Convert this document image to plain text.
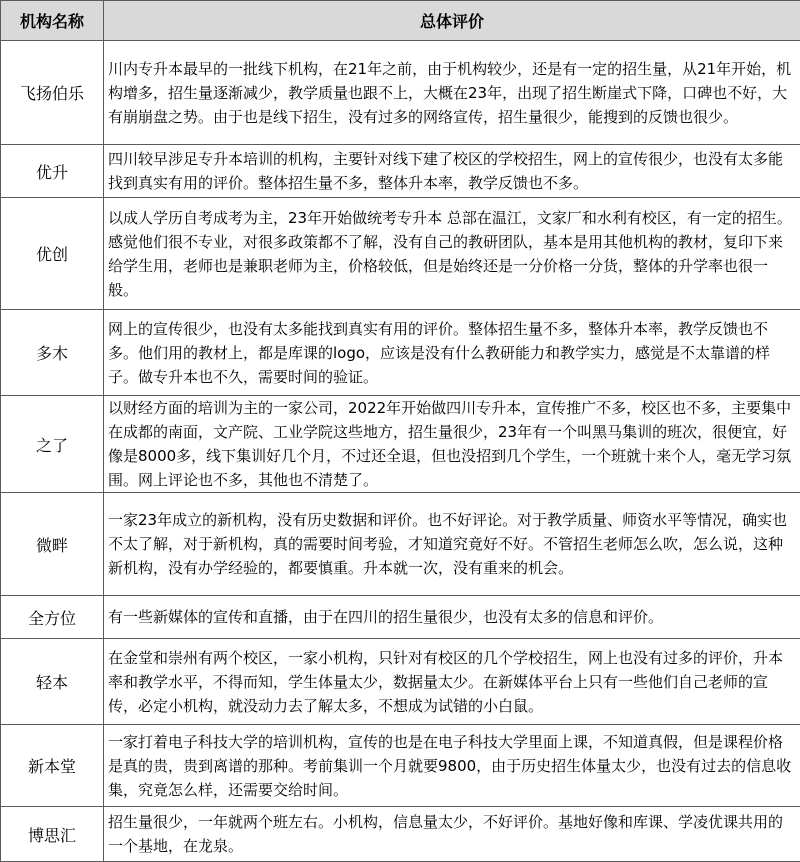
机构名称	总体评价
飞扬伯乐	川内专升本最早的一批线下机构，在21年之前，由于机构较少，还是有一定的招生量，从21年开始，机构增多，招生量逐渐减少，教学质量也跟不上，大概在23年，出现了招生断崖式下降，口碑也不好，大有崩崩盘之势。由于也是线下招生，没有过多的网络宣传，招生量很少，能搜到的反馈也很少。
优升	四川较早涉足专升本培训的机构，主要针对线下建了校区的学校招生，网上的宣传很少，也没有太多能找到真实有用的评价。整体招生量不多，整体升本率，教学反馈也不多。
优创	以成人学历自考成考为主，23年开始做统考专升本 总部在温江，文家厂和水利有校区，有一定的招生。感觉他们很不专业，对很多政策都不了解，没有自己的教研团队，基本是用其他机构的教材，复印下来给学生用，老师也是兼职老师为主，价格较低，但是始终还是一分价格一分货，整体的升学率也很一般。
多木	网上的宣传很少，也没有太多能找到真实有用的评价。整体招生量不多，整体升本率，教学反馈也不多。他们用的教材上，都是库课的logo，应该是没有什么教研能力和教学实力，感觉是不太靠谱的样子。做专升本也不久，需要时间的验证。
之了	以财经方面的培训为主的一家公司，2022年开始做四川专升本，宣传推广不多，校区也不多，主要集中在成都的南面，文产院、工业学院这些地方，招生量很少，23年有一个叫黑马集训的班次，很便宜，好像是8000多，线下集训好几个月，不过还全退，但也没招到几个学生，一个班就十来个人，毫无学习氛围。网上评论也不多，其他也不清楚了。
微畔	一家23年成立的新机构，没有历史数据和评价。也不好评论。对于教学质量、师资水平等情况，确实也不太了解，对于新机构，真的需要时间考验，才知道究竟好不好。不管招生老师怎么吹，怎么说，这种新机构，没有办学经验的，都要慎重。升本就一次，没有重来的机会。
全方位	有一些新媒体的宣传和直播，由于在四川的招生量很少，也没有太多的信息和评价。
轻本	在金堂和崇州有两个校区，一家小机构，只针对有校区的几个学校招生，网上也没有过多的评价，升本率和教学水平，不得而知，学生体量太少，数据量太少。在新媒体平台上只有一些他们自己老师的宣传，必定小机构，就没动力去了解太多，不想成为试错的小白鼠。
新本堂	一家打着电子科技大学的培训机构，宣传的也是在电子科技大学里面上课，不知道真假，但是课程价格是真的贵，贵到离谱的那种。考前集训一个月就要9800，由于历史招生体量太少，也没有过去的信息收集，究竟怎么样，还需要交给时间。
博思汇	招生量很少，一年就两个班左右。小机构，信息量太少，不好评价。基地好像和库课、学凌优课共用的一个基地，在龙泉。
